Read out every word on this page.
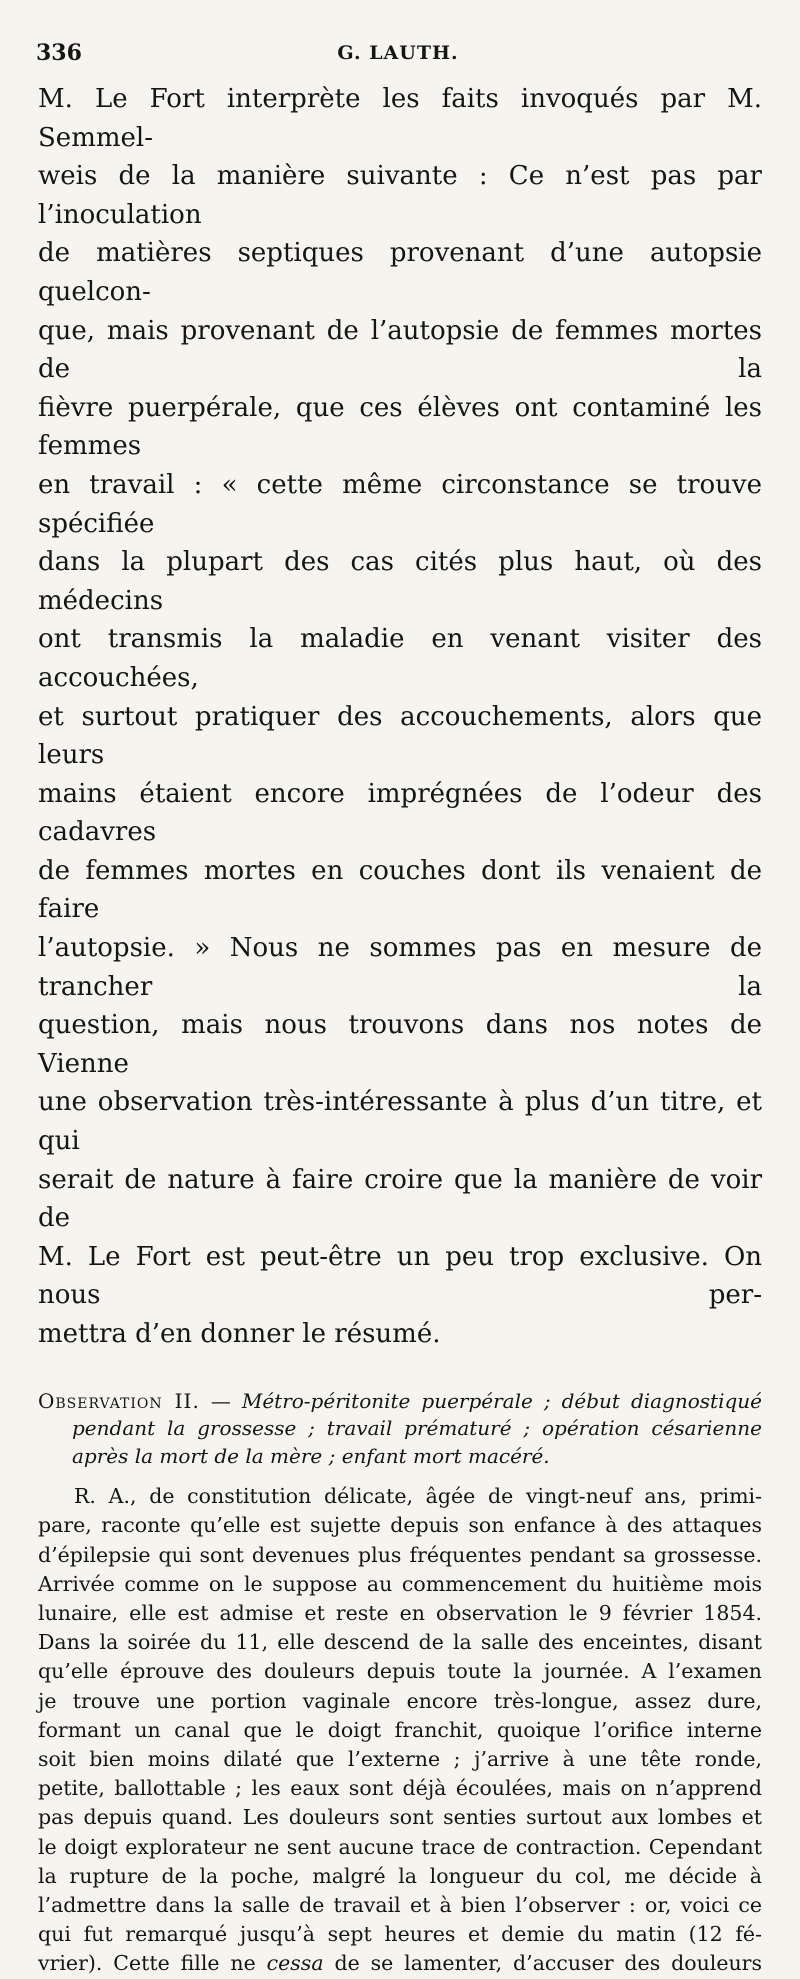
336	G. LAUTH.

M. Le Fort interprète les faits invoqués par M. Semmel-

weis de la manière suivante : Ce n’est pas par l’inoculation

de matières septiques provenant d’une autopsie quelcon-

que, mais provenant de l’autopsie de femmes mortes de la

fièvre puerpérale, que ces élèves ont contaminé les femmes

en travail : « cette même circonstance se trouve spécifiée

dans la plupart des cas cités plus haut, où des médecins

ont transmis la maladie en venant visiter des accouchées,

et surtout pratiquer des accouchements, alors que leurs

mains étaient encore imprégnées de l’odeur des cadavres

de femmes mortes en couches dont ils venaient de faire

l’autopsie. » Nous ne sommes pas en mesure de trancher la

question, mais nous trouvons dans nos notes de Vienne

une observation très-intéressante à plus d’un titre, et qui

serait de nature à faire croire que la manière de voir de

M. Le Fort est peut-être un peu trop exclusive. On nous per-

mettra d’en donner le résumé.

Observation II. — Métro-péritonite puerpérale ; début diagnostiqué

pendant la grossesse ; travail prématuré ; opération césarienne

après la mort de la mère ; enfant mort macéré.

R. A., de constitution délicate, âgée de vingt-neuf ans, primi-

pare, raconte qu’elle est sujette depuis son enfance à des attaques

d’épilepsie qui sont devenues plus fréquentes pendant sa grossesse.

Arrivée comme on le suppose au commencement du huitième mois

lunaire, elle est admise et reste en observation le 9 février 1854.

Dans la soirée du 11, elle descend de la salle des enceintes, disant

qu’elle éprouve des douleurs depuis toute la journée. A l’examen

je trouve une portion vaginale encore très-longue, assez dure,

formant un canal que le doigt franchit, quoique l’orifice interne

soit bien moins dilaté que l’externe ; j’arrive à une tête ronde,

petite, ballottable ; les eaux sont déjà écoulées, mais on n’apprend

pas depuis quand. Les douleurs sont senties surtout aux lombes et

le doigt explorateur ne sent aucune trace de contraction. Cependant

la rupture de la poche, malgré la longueur du col, me décide à

l’admettre dans la salle de travail et à bien l’observer : or, voici ce

qui fut remarqué jusqu’à sept heures et demie du matin (12 fé-

vrier). Cette fille ne cessa de se lamenter, d’accuser des douleurs
